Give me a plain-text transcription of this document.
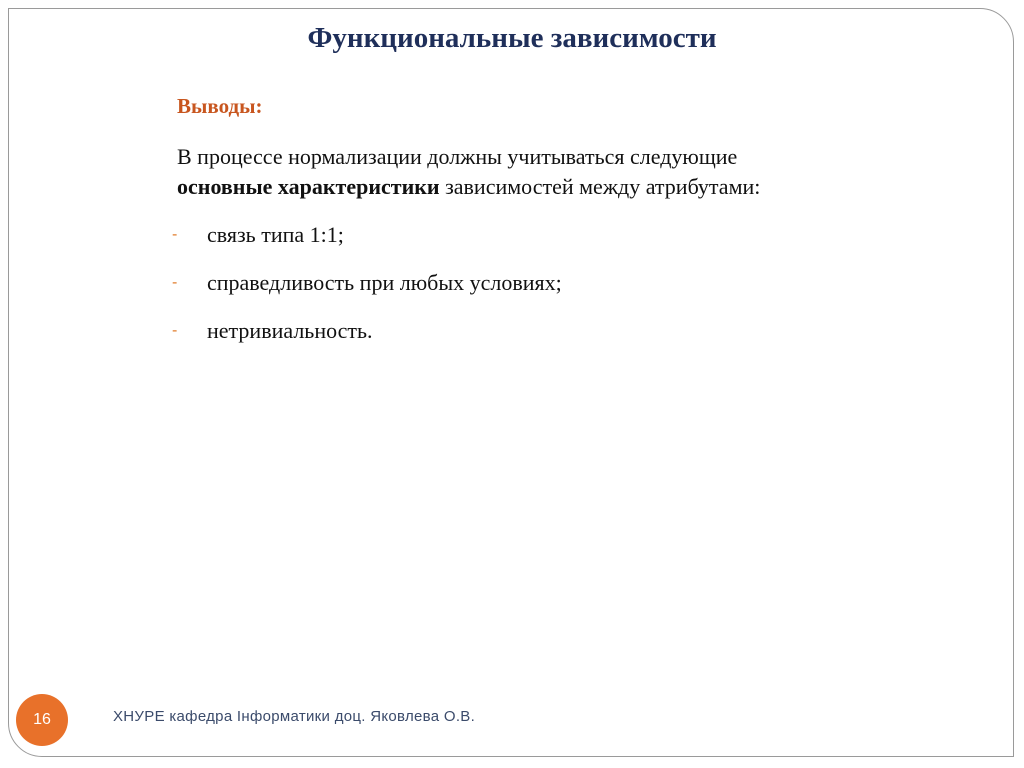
Функциональные зависимости

Выводы:

В процессе нормализации должны учитываться следующие
основные характеристики зависимостей между атрибутами:

-	связь типа 1:1;
-	справедливость при любых условиях;
-	нетривиальность.
16	ХНУРЕ кафедра Інформатики доц. Яковлева О.В.
